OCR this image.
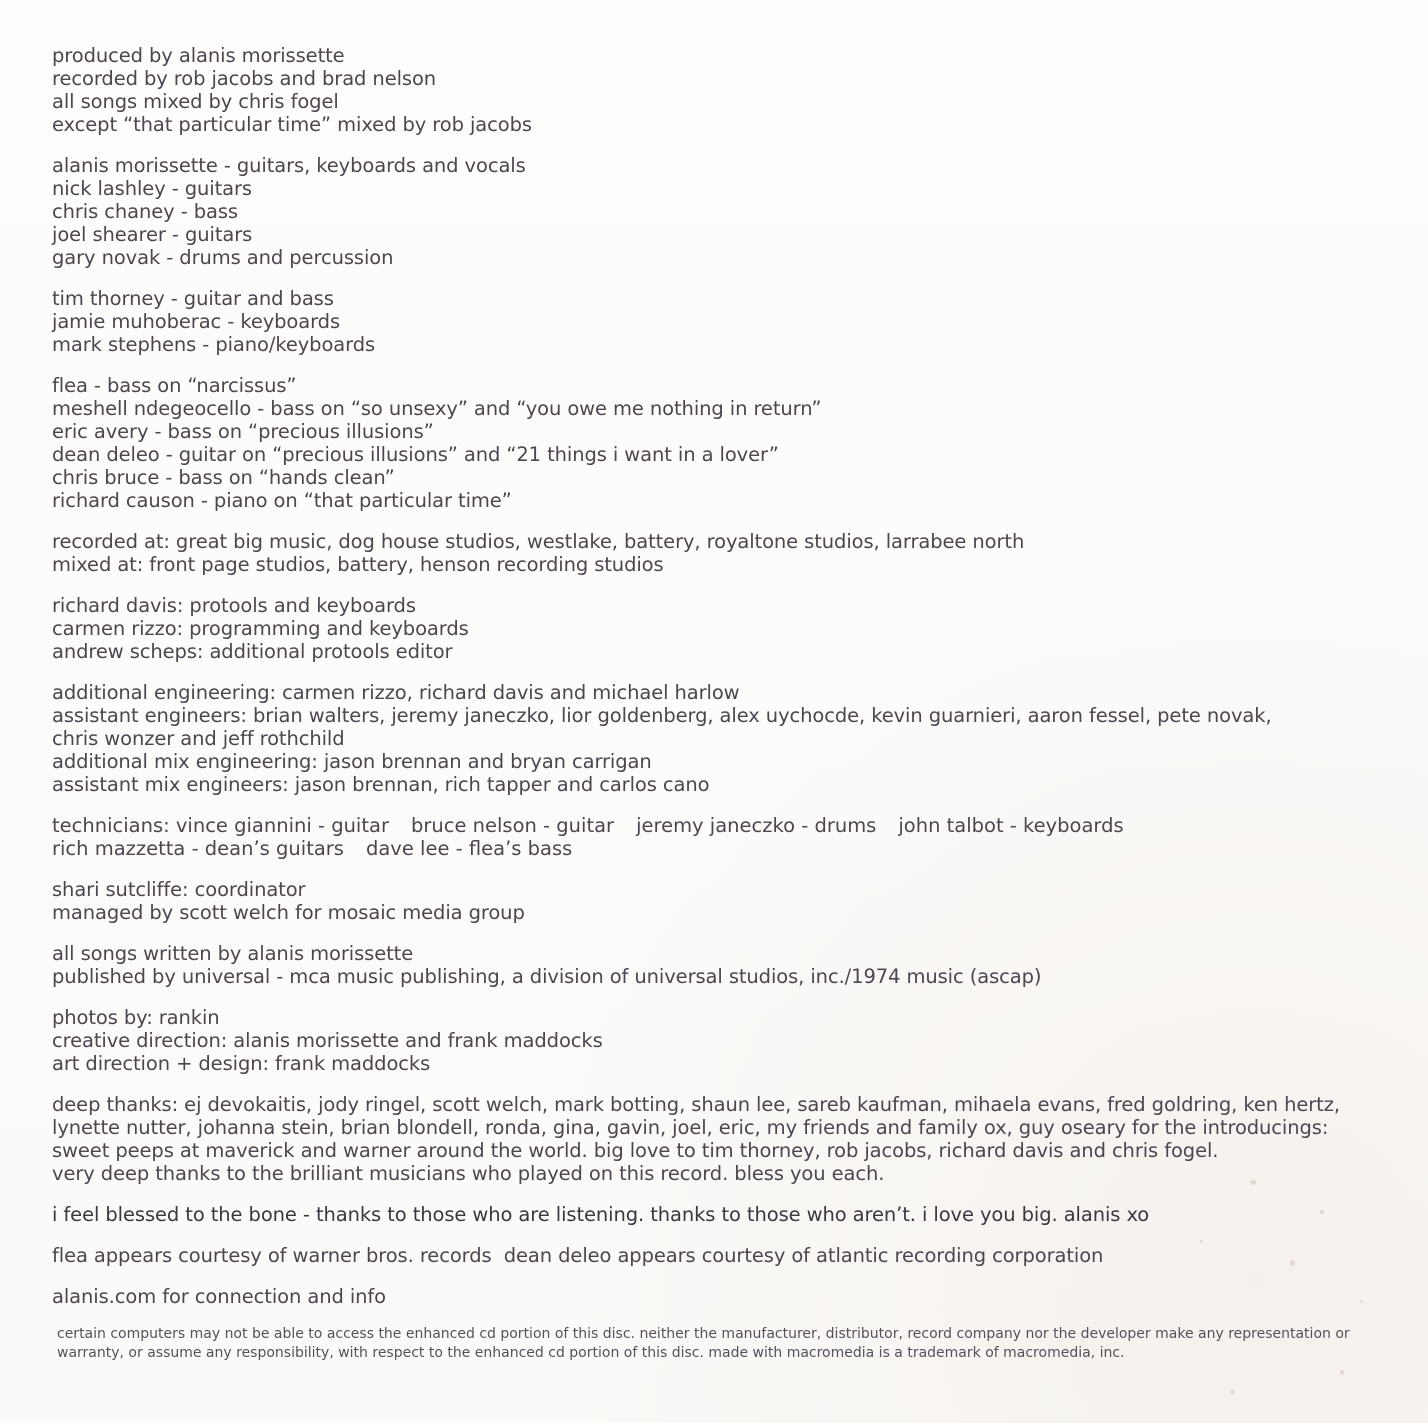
produced by alanis morissette
recorded by rob jacobs and brad nelson
all songs mixed by chris fogel
except “that particular time” mixed by rob jacobs
alanis morissette - guitars, keyboards and vocals
nick lashley - guitars
chris chaney - bass
joel shearer - guitars
gary novak - drums and percussion
tim thorney - guitar and bass
jamie muhoberac - keyboards
mark stephens - piano/keyboards
flea - bass on “narcissus”
meshell ndegeocello - bass on “so unsexy” and “you owe me nothing in return”
eric avery - bass on “precious illusions”
dean deleo - guitar on “precious illusions” and “21 things i want in a lover”
chris bruce - bass on “hands clean”
richard causon - piano on “that particular time”
recorded at: great big music, dog house studios, westlake, battery, royaltone studios, larrabee north
mixed at: front page studios, battery, henson recording studios
richard davis: protools and keyboards
carmen rizzo: programming and keyboards
andrew scheps: additional protools editor
additional engineering: carmen rizzo, richard davis and michael harlow
assistant engineers: brian walters, jeremy janeczko, lior goldenberg, alex uychocde, kevin guarnieri, aaron fessel, pete novak,
chris wonzer and jeff rothchild
additional mix engineering: jason brennan and bryan carrigan
assistant mix engineers: jason brennan, rich tapper and carlos cano
technicians: vince giannini - guitar bruce nelson - guitar jeremy janeczko - drums john talbot - keyboards
rich mazzetta - dean’s guitars dave lee - flea’s bass
shari sutcliffe: coordinator
managed by scott welch for mosaic media group
all songs written by alanis morissette
published by universal - mca music publishing, a division of universal studios, inc./1974 music (ascap)
photos by: rankin
creative direction: alanis morissette and frank maddocks
art direction + design: frank maddocks
deep thanks: ej devokaitis, jody ringel, scott welch, mark botting, shaun lee, sareb kaufman, mihaela evans, fred goldring, ken hertz,
lynette nutter, johanna stein, brian blondell, ronda, gina, gavin, joel, eric, my friends and family ox, guy oseary for the introducings:
sweet peeps at maverick and warner around the world. big love to tim thorney, rob jacobs, richard davis and chris fogel.
very deep thanks to the brilliant musicians who played on this record. bless you each.
i feel blessed to the bone - thanks to those who are listening. thanks to those who aren’t. i love you big. alanis xo
flea appears courtesy of warner bros. records  dean deleo appears courtesy of atlantic recording corporation
alanis.com for connection and info
certain computers may not be able to access the enhanced cd portion of this disc. neither the manufacturer, distributor, record company nor the developer make any representation or warranty, or assume any responsibility, with respect to the enhanced cd portion of this disc. made with macromedia is a trademark of macromedia, inc.
